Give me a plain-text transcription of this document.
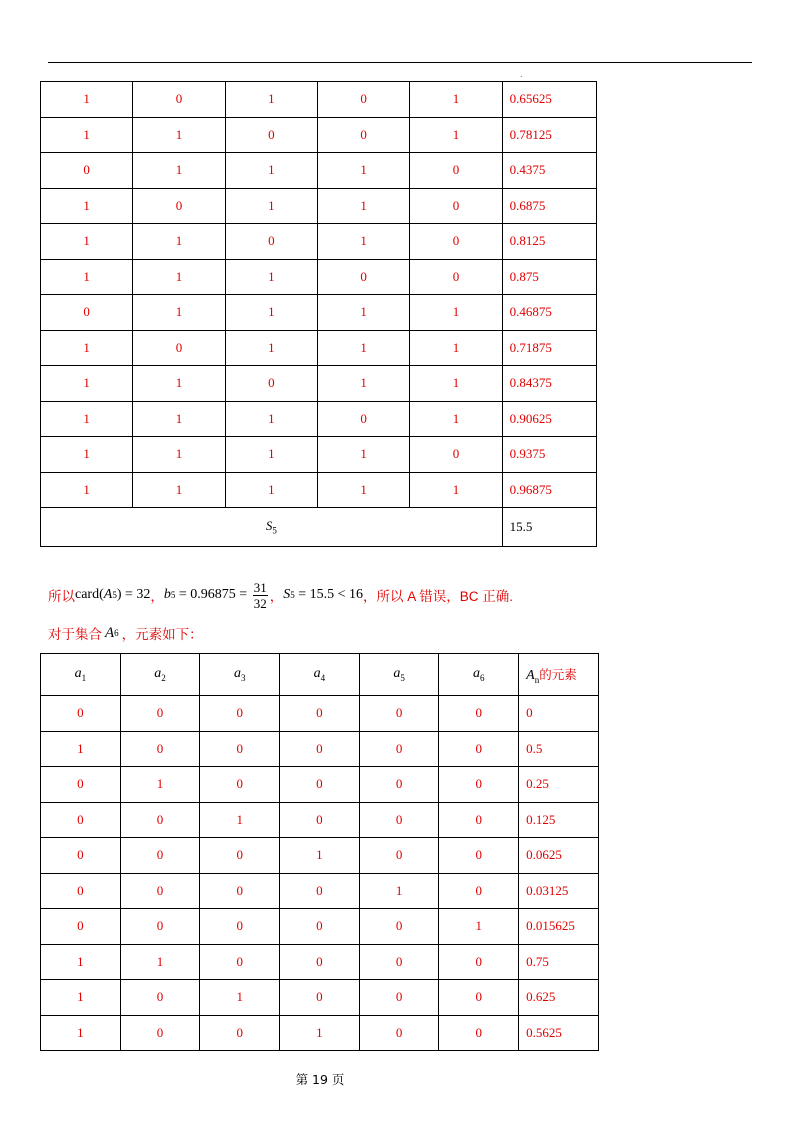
.
1	0	1	0	1	0.65625
1	1	0	0	1	0.78125
0	1	1	1	0	0.4375
1	0	1	1	0	0.6875
1	1	0	1	0	0.8125
1	1	1	0	0	0.875
0	1	1	1	1	0.46875
1	0	1	1	1	0.71875
1	1	0	1	1	0.84375
1	1	1	0	1	0.90625
1	1	1	1	0	0.9375
1	1	1	1	1	0.96875
$S_5$					15.5
所以 card ( A 5 ) = 32 ， b $5 = 0.96875 = \frac{31}{32}$ ， S 5 = 15.5 < 16 ，所以 A 错误，BC 正确.
对于集合 A 6 ，元素如下：
$a_1$	$a_2$	$a_3$	$a_4$	$a_5$	$a_6$	$A_n$的元素
0	0	0	0	0	0	0
1	0	0	0	0	0	0.5
0	1	0	0	0	0	0.25
0	0	1	0	0	0	0.125
0	0	0	1	0	0	0.0625
0	0	0	0	1	0	0.03125
0	0	0	0	0	1	0.015625
1	1	0	0	0	0	0.75
1	0	1	0	0	0	0.625
1	0	0	1	0	0	0.5625
第 19 页
